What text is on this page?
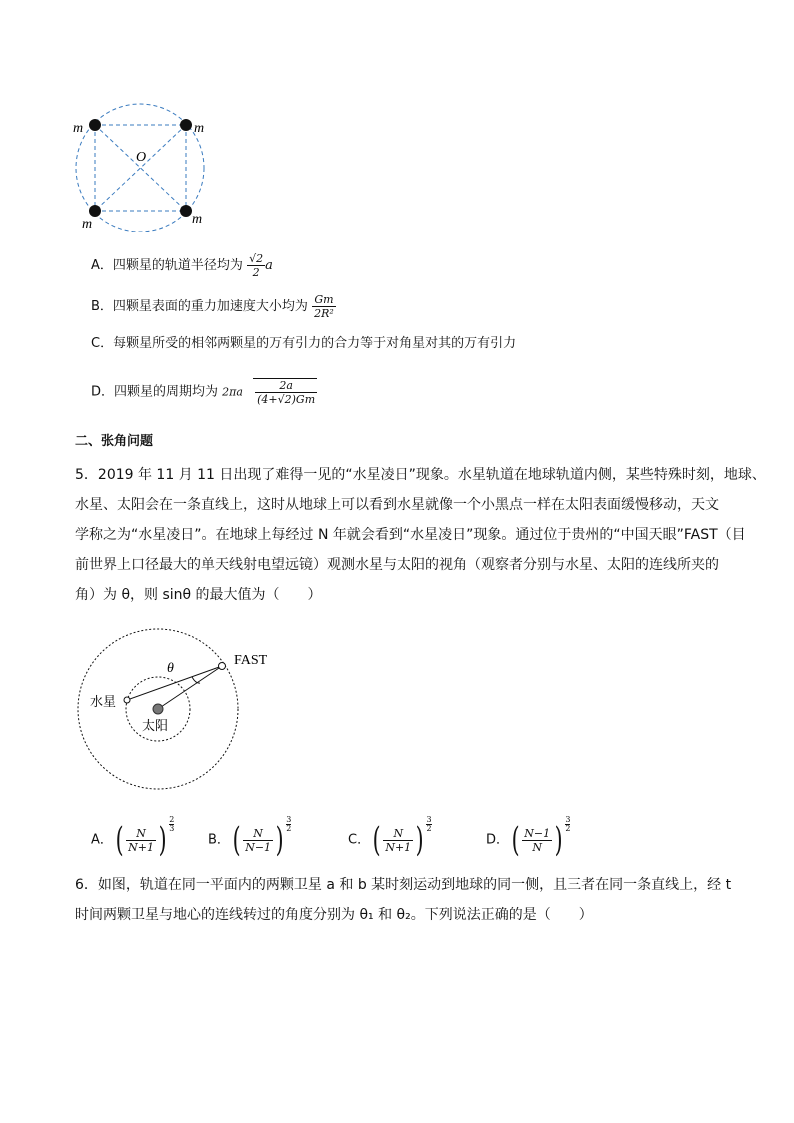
m	m
m	m
O
A．四颗星的轨道半径均为 $\frac{√2}{2}$ a
B．四颗星表面的重力加速度大小均为 $\frac{Gm}{\text{2R²}}$
C．每颗星所受的相邻两颗星的万有引力的合力等于对角星对其的万有引力
D．四颗星的周期均为 $2\pi a \frac{2a}{(4+√2)Gm}$
二、张角问题
5．2019 年 11 月 11 日出现了难得一见的“水星凌日”现象。水星轨道在地球轨道内侧，某些特殊时刻，地球、
水星、太阳会在一条直线上，这时从地球上可以看到水星就像一个小黑点一样在太阳表面缓慢移动，天文
学称之为“水星凌日”。在地球上每经过 N 年就会看到“水星凌日”现象。通过位于贵州的“中国天眼”FAST（目
前世界上口径最大的单天线射电望远镜）观测水星与太阳的视角（观察者分别与水星、太阳的连线所夹的
角）为 θ，则 sinθ 的最大值为（　　）
θ
FAST
水星
太阳
A．( $\frac{N}{N+1}$ ) $\frac{2}{3}$
B．( $\frac{N}{N-1}$ ) $\frac{3}{2}$
C．( $\frac{N}{N+1}$ ) $\frac{3}{2}$
D．( $\frac{N-1}{N}$ ) $\frac{3}{2}$
6．如图，轨道在同一平面内的两颗卫星 a 和 b 某时刻运动到地球的同一侧，且三者在同一条直线上，经 t
时间两颗卫星与地心的连线转过的角度分别为 θ₁ 和 θ₂。下列说法正确的是（　　）
